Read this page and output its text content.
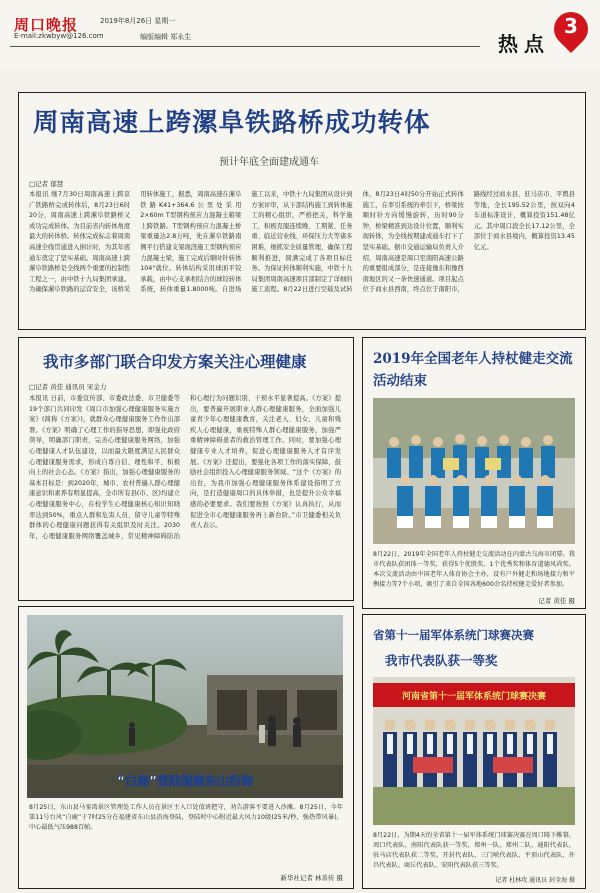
周口晚报	2019年8月26日 星期一
E-mail:zkwbyw@126.com	编版编辑 郑永生	热点
3
周南高速上跨漯阜铁路桥成功转体
预计年底全面建成通车
□记者 郁慧
本报讯 继7月30日周南高速上跨京广铁路桥完成转体后，8月23日6时20分，周南高速上跨漯阜铁路桥又成功完成转体。为目前省内转体角度最大的转体桥。转体完成标志着周南高速全线贯通进入倒计时，为其年底通车奠定了坚实基础。周南高速上跨漯阜铁路桥是全线两个重要的控制性工程之一，由中铁十九局集团承建。为确保漯阜铁路的运营安全，该桥采用转体施工，据悉，周南高速在漯阜铁路K41+364.6公里处采用2×60m T型钢构预应力混凝土箱梁上跨铁路。T型钢构预应力混凝土桥梁重量达2.8万吨，先在漯阜铁路南侧平行搭建支架现浇施工型钢构预应力混凝土梁，施工完成后顺时针转体104°就位。转体结构采用球面平铰承载，由中心支承相结合的球铰转体系统，转体重量1.8000吨。自进场施工以来，中铁十九局集团从设计到方案评审，从下部结构施工到转体施工的精心组织，严格把关，科学施工，积极克服连续晚、工期紧、任务重、临近营业线、环保压力大等诸多困难，细抓安全质量管理，确保工程顺利推进，圆满完成了各项目标任务。为保证转体顺利实施，中铁十九局集团周南高速项目部制定了详细的施工流程。8月22日进行空载及试转体，8月23日4时50分开始正式转体施工，在率引系统的牵引下，桥梁按顺时针方向缓慢旋转，历时90分钟，桥梁精准到达设计位置，顺利实现转体，为全线按期建成通车打下了坚实基础。据市交通运输局负责人介绍，周南高速是周口至南阳高速公路的重要组成部分，是连接豫东和豫西南地区的又一条快速通道。项目起点位于商水县西南，终点位于南阳市，路线经过商水县、驻马店市、平舆县等地，全长195.52公里，按双向4车道标准设计，概算投资151.48亿元。其中周口段全长17.12公里，全部位于商水县境内，概算投资13.45亿元。
我市多部门联合印发方案关注心理健康
□记者 黄佳 通讯员 宋金力
本报讯 日前，市委宣传部、市委政法委、市卫健委等19个部门共同印发《周口市加强心理健康服务实施方案》(简称《方案》)，就群众心理健康服务工作作出部署。《方案》明确了心理工作的指导思想，即强化政府领导，明确部门职责，完善心理健康服务网络，加强心理健康人才队伍建设，以而最大限度满足人民群众心理健康服务需求，形成自尊自信、理性和平、积极向上的社会心态。《方案》指出，加强心理健康服务的基本目标是：到2020年，城市、农村普遍人群心理健康意识和素养有明显提高，全市所有县(市、区)均建立心理健康服务中心，在校学生心理健康核心知识知晓率达到50%，重点人群和危害人员、留守儿童等特殊群体的心理健康问题获得有关组织及时关注。2030年，心理健康服务网络覆盖城乡，常见精神障碍防治和心理行为问题识别、干预水平显著提高。《方案》提出，要普遍开展职业人群心理健康服务，全面加强儿童青少年心理健康教育，关注老人、妇女、儿童和残疾人心理健康，重视特殊人群心理健康服务，加强严重精神障碍患者的救治管理工作。同时，要加强心理健康专业人才培养，促进心理健康服务人才有序发展。《方案》还提出，要强化各项工作的落实保障，鼓励社会组织投入心理健康服务领域。“这个《方案》的出台，为我市加强心理健康服务体系建设指明了方向，是打造健康周口的具体举措，也是提升公众幸福感的必要要求。我们要按照《方案》认真执行，从而促进全市心理健康服务再上新台阶。”市卫健委相关负责人表示。
“白鹿”登陆福建东山沿海
8月25日，东山县马銮湾景区管理处工作人员在景区主入口处值班把守，劝告游客不要进入沙滩。8月25日，今年第11号台风“白鹿”于7时25分在福建省东山县沿海登陆，登陆时中心附近最大风力10级(25米/秒，强热带风暴)，中心最低气压988百帕。
新华社记者 林善传 摄
2019年全国老年人持杖健走交流活动结束
8月22日，2019年全国老年人持杖健走交流活动在内蒙古乌海市闭幕。我市代表队获团体一等奖，获得5个优胜奖、1个优秀奖和体育道德风尚奖。本次交流活动由中国老年人体育协会主办，设有户外健走和场地接力和平衡接力等7个小项，吸引了来自全国各地600余名持杖健走爱好者参加。
记者 黄佳 摄
省第十一届军体系统门球赛决赛
我市代表队获一等奖
河南省第十一届军体系统门球赛决赛
8月22日，为期4天的全省第十一届军体系统门球赛决赛在周口隆下帷幕，周口代表队、南阳代表队获一等奖，郑州一队、郑州二队、通阳代表队、驻马店代表队获二等奖，开封代表队、三门峡代表队、平顶山代表队、许昌代表队、商丘代表队、安阳代表队获三等奖。
记者 杜林攻 通讯员 封全海 摄
